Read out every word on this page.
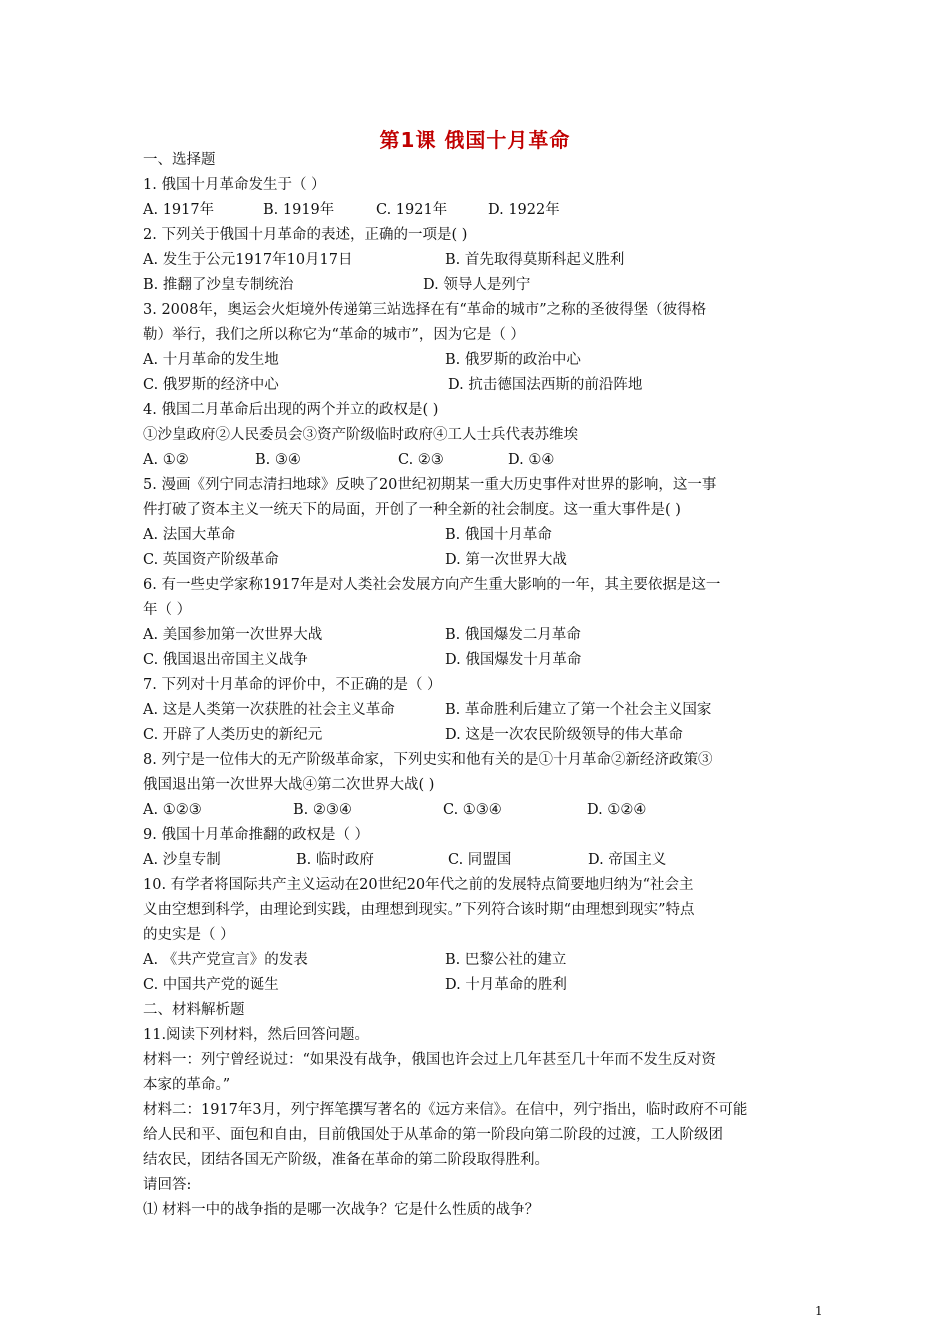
第1课 俄国十月革命
一、选择题
1. 俄国十月革命发生于（ ）
A. 1917年	B. 1919年	C. 1921年	D. 1922年
2. 下列关于俄国十月革命的表述，正确的一项是( )
A. 发生于公元1917年10月17日	B. 首先取得莫斯科起义胜利
B. 推翻了沙皇专制统治	D. 领导人是列宁
3. 2008年，奥运会火炬境外传递第三站选择在有“革命的城市”之称的圣彼得堡（彼得格
勒）举行，我们之所以称它为“革命的城市”，因为它是（ ）
A. 十月革命的发生地	B. 俄罗斯的政治中心
C. 俄罗斯的经济中心	D. 抗击德国法西斯的前沿阵地
4. 俄国二月革命后出现的两个并立的政权是( )
①沙皇政府②人民委员会③资产阶级临时政府④工人士兵代表苏维埃
A. ①②	B. ③④	C. ②③	D. ①④
5. 漫画《列宁同志清扫地球》反映了20世纪初期某一重大历史事件对世界的影响，这一事
件打破了资本主义一统天下的局面，开创了一种全新的社会制度。这一重大事件是( )
A. 法国大革命	B. 俄国十月革命
C. 英国资产阶级革命	D. 第一次世界大战
6. 有一些史学家称1917年是对人类社会发展方向产生重大影响的一年，其主要依据是这一
年（ ）
A. 美国参加第一次世界大战	B. 俄国爆发二月革命
C. 俄国退出帝国主义战争	D. 俄国爆发十月革命
7. 下列对十月革命的评价中，不正确的是（ ）
A. 这是人类第一次获胜的社会主义革命	B. 革命胜利后建立了第一个社会主义国家
C. 开辟了人类历史的新纪元	D. 这是一次农民阶级领导的伟大革命
8. 列宁是一位伟大的无产阶级革命家，下列史实和他有关的是①十月革命②新经济政策③
俄国退出第一次世界大战④第二次世界大战( )
A. ①②③	B. ②③④	C. ①③④	D. ①②④
9. 俄国十月革命推翻的政权是（ ）
A. 沙皇专制	B. 临时政府	C. 同盟国	D. 帝国主义
10. 有学者将国际共产主义运动在20世纪20年代之前的发展特点简要地归纳为“社会主
义由空想到科学，由理论到实践，由理想到现实。”下列符合该时期“由理想到现实”特点
的史实是（ ）
A. 《共产党宣言》的发表	B. 巴黎公社的建立
C. 中国共产党的诞生	D. 十月革命的胜利
二、材料解析题
11.阅读下列材料，然后回答问题。
材料一：列宁曾经说过：“如果没有战争，俄国也许会过上几年甚至几十年而不发生反对资
本家的革命。”
材料二：1917年3月，列宁挥笔撰写著名的《远方来信》。在信中，列宁指出，临时政府不可能
给人民和平、面包和自由，目前俄国处于从革命的第一阶段向第二阶段的过渡，工人阶级团
结农民，团结各国无产阶级，准备在革命的第二阶段取得胜利。
请回答:
⑴ 材料一中的战争指的是哪一次战争？它是什么性质的战争？
1
